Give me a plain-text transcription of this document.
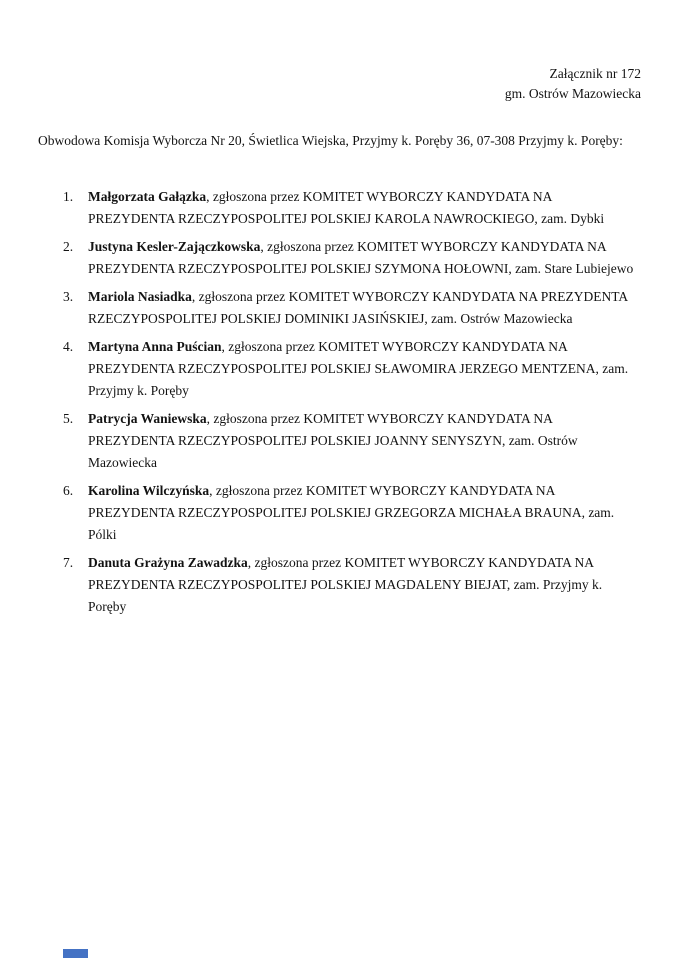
Załącznik nr 172
gm. Ostrów Mazowiecka

Obwodowa Komisja Wyborcza Nr 20, Świetlica Wiejska, Przyjmy k. Poręby 36, 07-308 Przyjmy k. Poręby:

1. Małgorzata Gałązka, zgłoszona przez KOMITET WYBORCZY KANDYDATA NA PREZYDENTA RZECZYPOSPOLITEJ POLSKIEJ KAROLA NAWROCKIEGO, zam. Dybki
2. Justyna Kesler-Zajączkowska, zgłoszona przez KOMITET WYBORCZY KANDYDATA NA PREZYDENTA RZECZYPOSPOLITEJ POLSKIEJ SZYMONA HOŁOWNI, zam. Stare Lubiejewo
3. Mariola Nasiadka, zgłoszona przez KOMITET WYBORCZY KANDYDATA NA PREZYDENTA RZECZYPOSPOLITEJ POLSKIEJ DOMINIKI JASIŃSKIEJ, zam. Ostrów Mazowiecka
4. Martyna Anna Puścian, zgłoszona przez KOMITET WYBORCZY KANDYDATA NA PREZYDENTA RZECZYPOSPOLITEJ POLSKIEJ SŁAWOMIRA JERZEGO MENTZENA, zam. Przyjmy k. Poręby
5. Patrycja Waniewska, zgłoszona przez KOMITET WYBORCZY KANDYDATA NA PREZYDENTA RZECZYPOSPOLITEJ POLSKIEJ JOANNY SENYSZYN, zam. Ostrów Mazowiecka
6. Karolina Wilczyńska, zgłoszona przez KOMITET WYBORCZY KANDYDATA NA PREZYDENTA RZECZYPOSPOLITEJ POLSKIEJ GRZEGORZA MICHAŁA BRAUNA, zam. Pólki
7. Danuta Grażyna Zawadzka, zgłoszona przez KOMITET WYBORCZY KANDYDATA NA PREZYDENTA RZECZYPOSPOLITEJ POLSKIEJ MAGDALENY BIEJAT, zam. Przyjmy k. Poręby
